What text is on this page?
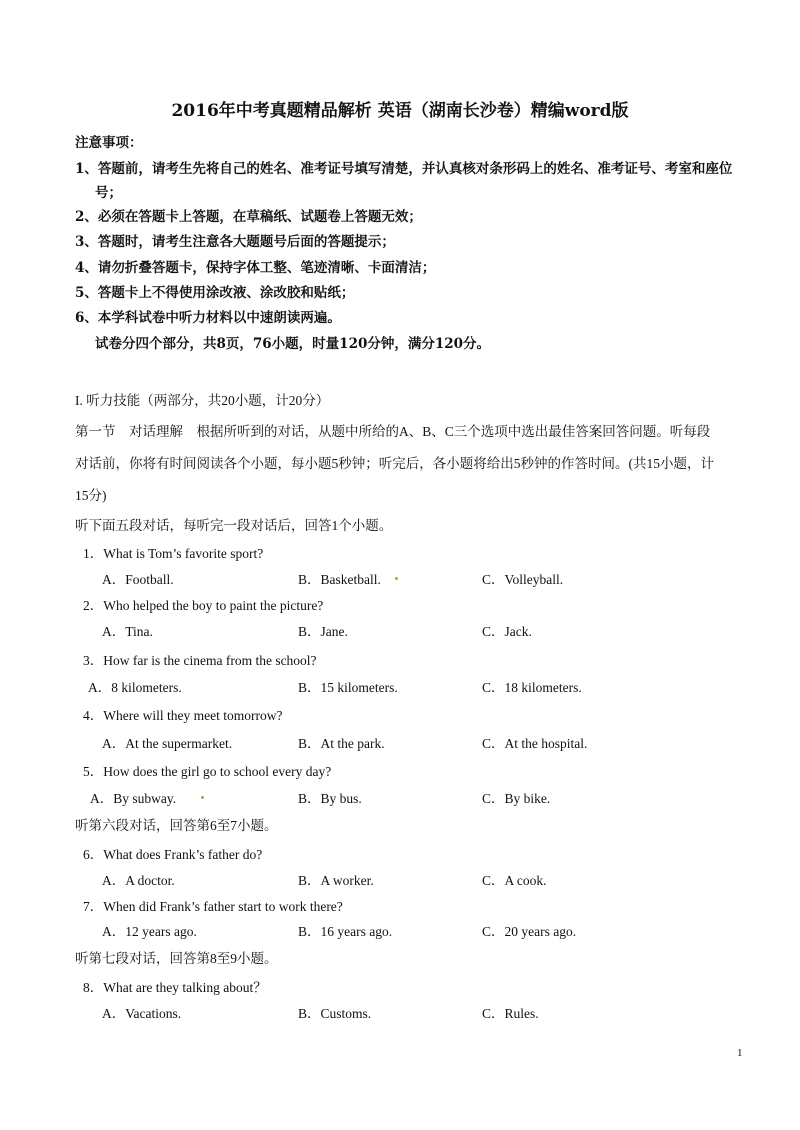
2016年中考真题精品解析 英语（湖南长沙卷）精编word版
注意事项：
1、答题前，请考生先将自己的姓名、准考证号填写清楚，并认真核对条形码上的姓名、准考证号、考室和座位
号；
2、必须在答题卡上答题，在草稿纸、试题卷上答题无效；
3、答题时，请考生注意各大题题号后面的答题提示；
4、请勿折叠答题卡，保持字体工整、笔迹清晰、卡面清洁；
5、答题卡上不得使用涂改液、涂改胶和贴纸；
6、本学科试卷中听力材料以中速朗读两遍。
试卷分四个部分，共8页，76小题，时量120分钟，满分120分。
I. 听力技能（两部分，共20小题，计20分）
第一节　对话理解　根据所听到的对话，从题中所给的A、B、C三个选项中选出最佳答案回答问题。听每段
对话前，你将有时间阅读各个小题，每小题5秒钟；听完后，各小题将给出5秒钟的作答时间。(共15小题，计
15分)
听下面五段对话，每听完一段对话后，回答1个小题。
1．What is Tom’s favorite sport?
A．Football.	B．Basketball.	C．Volleyball.
2．Who helped the boy to paint the picture?
A．Tina.	B．Jane.	C．Jack.
3．How far is the cinema from the school?
A．8 kilometers.	B．15 kilometers.	C．18 kilometers.
4．Where will they meet tomorrow?
A．At the supermarket.	B．At the park.	C．At the hospital.
5．How does the girl go to school every day?
A．By subway.	B．By bus.	C．By bike.
听第六段对话，回答第6至7小题。
6．What does Frank’s father do?
A．A doctor.	B．A worker.	C．A cook.
7．When did Frank’s father start to work there?
A．12 years ago.	B．16 years ago.	C．20 years ago.
听第七段对话，回答第8至9小题。
8．What are they talking about？
A．Vacations.	B．Customs.	C．Rules.
1
